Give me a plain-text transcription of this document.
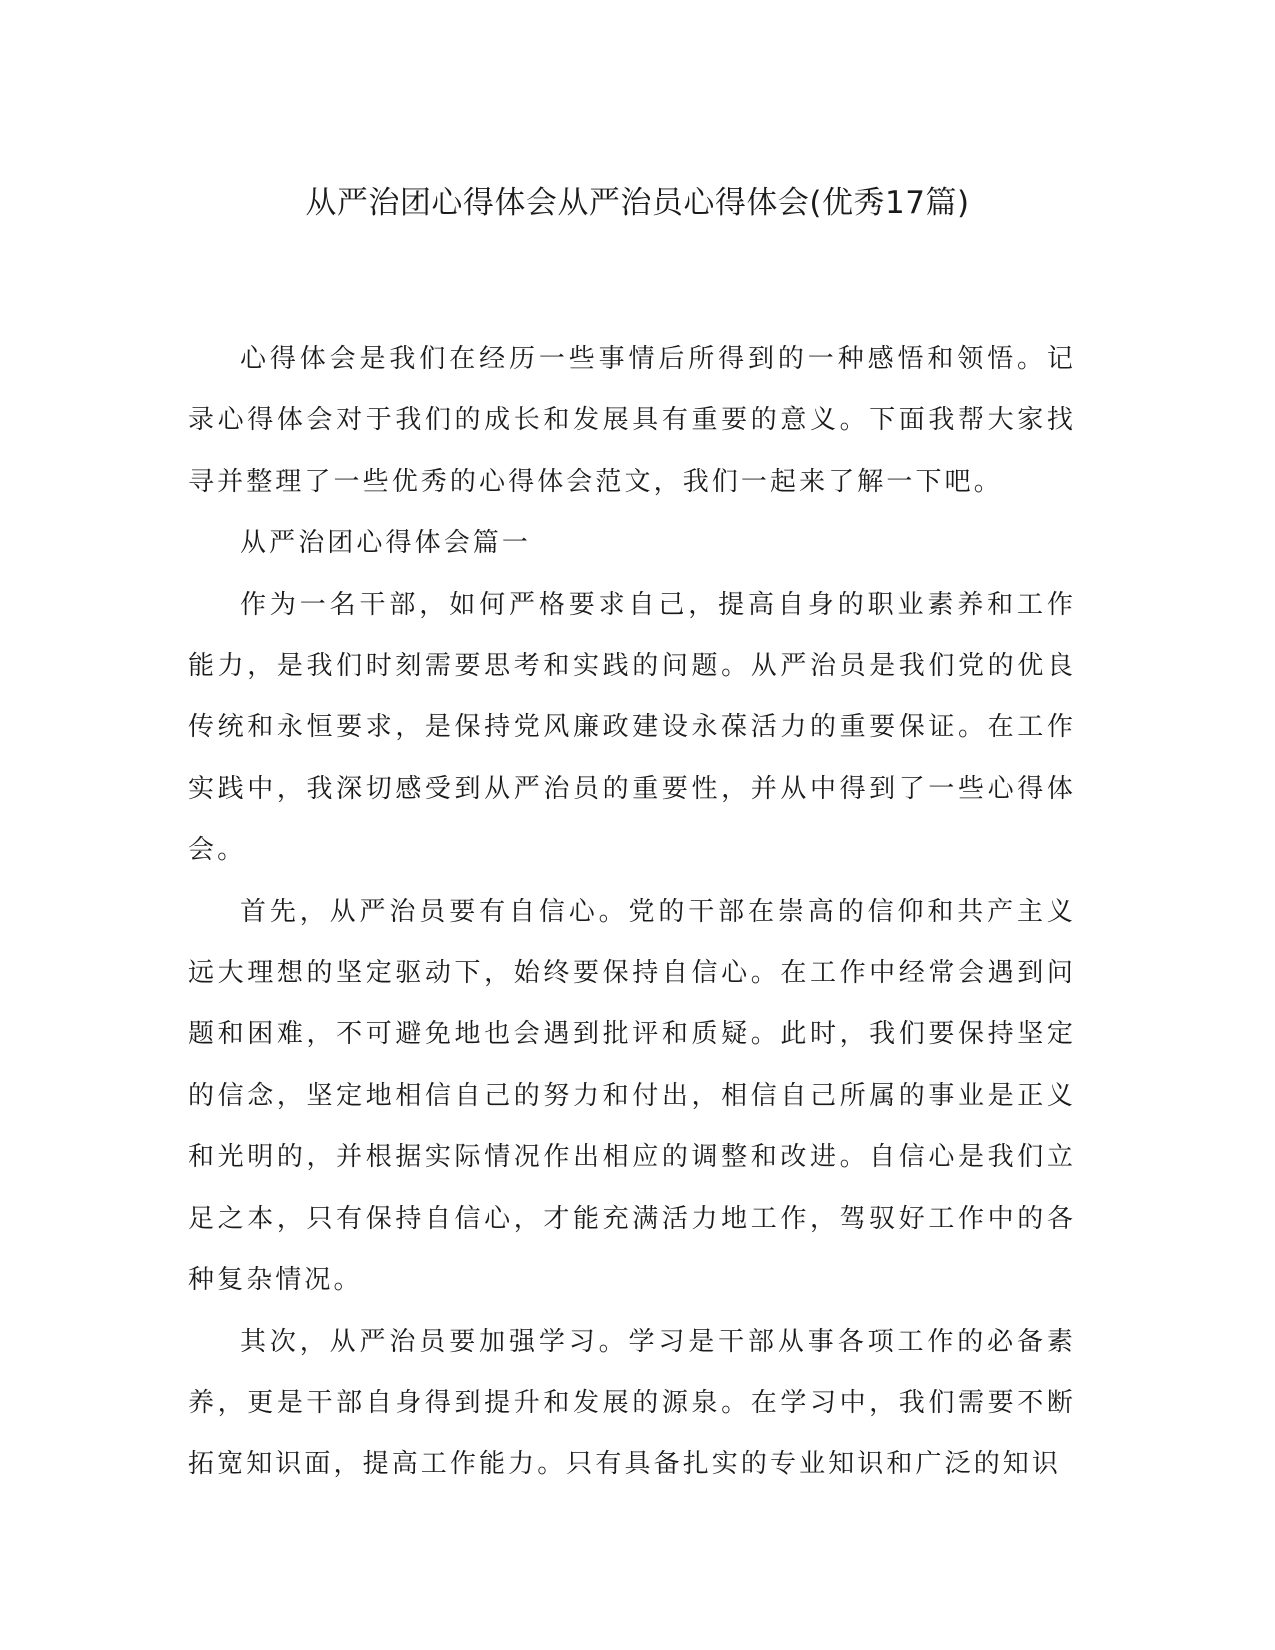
从严治团心得体会从严治员心得体会(优秀17篇)

心得体会是我们在经历一些事情后所得到的一种感悟和领悟。记录心得体会对于我们的成长和发展具有重要的意义。下面我帮大家找寻并整理了一些优秀的心得体会范文，我们一起来了解一下吧。

从严治团心得体会篇一

作为一名干部，如何严格要求自己，提高自身的职业素养和工作能力，是我们时刻需要思考和实践的问题。从严治员是我们党的优良传统和永恒要求，是保持党风廉政建设永葆活力的重要保证。在工作实践中，我深切感受到从严治员的重要性，并从中得到了一些心得体会。

首先，从严治员要有自信心。党的干部在崇高的信仰和共产主义远大理想的坚定驱动下，始终要保持自信心。在工作中经常会遇到问题和困难，不可避免地也会遇到批评和质疑。此时，我们要保持坚定的信念，坚定地相信自己的努力和付出，相信自己所属的事业是正义和光明的，并根据实际情况作出相应的调整和改进。自信心是我们立足之本，只有保持自信心，才能充满活力地工作，驾驭好工作中的各种复杂情况。

其次，从严治员要加强学习。学习是干部从事各项工作的必备素养，更是干部自身得到提升和发展的源泉。在学习中，我们需要不断拓宽知识面，提高工作能力。只有具备扎实的专业知识和广泛的知识
